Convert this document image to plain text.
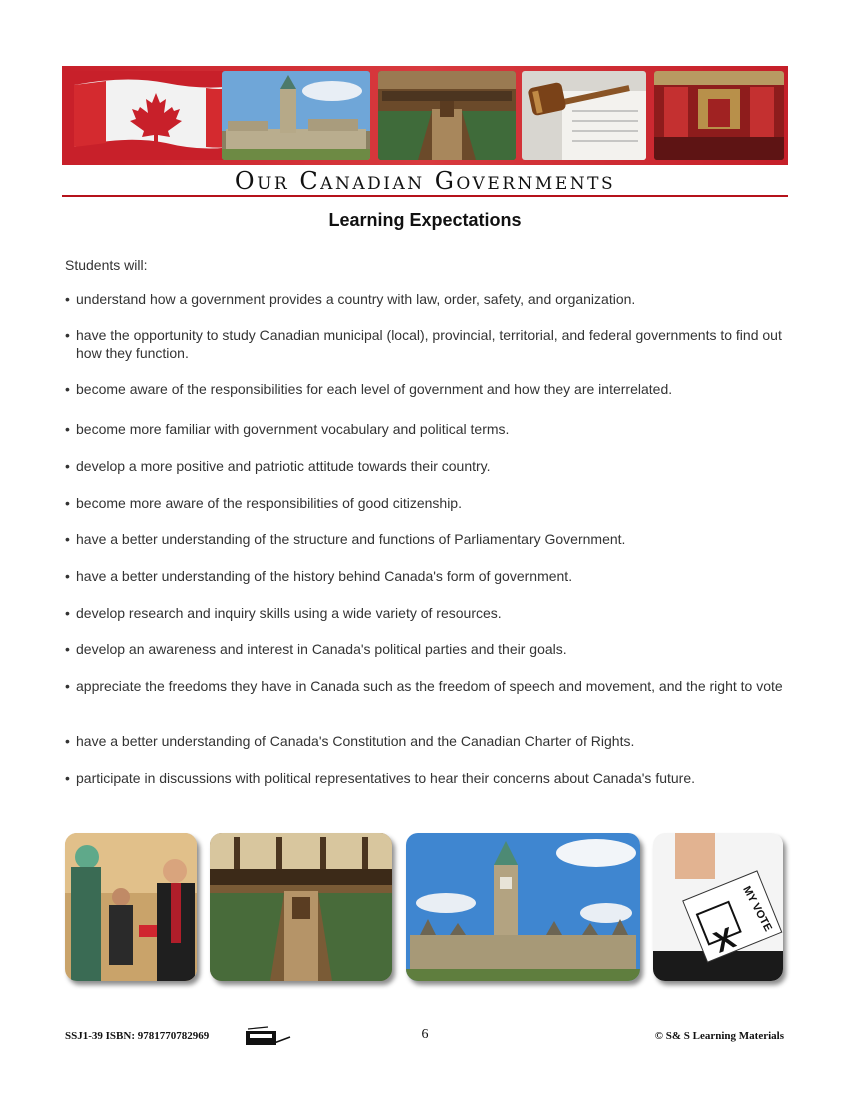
Our Canadian Governments
Learning Expectations
Students will:
• understand how a government provides a country with law, order, safety, and organization.
• have the opportunity to study Canadian municipal (local), provincial, territorial, and federal governments to find out how they function.
• become aware of the responsibilities for each level of government and how they are interrelated.
• become more familiar with government vocabulary and political terms.
• develop a more positive and patriotic attitude towards their country.
• become more aware of the responsibilities of good citizenship.
• have a better understanding of the structure and functions of Parliamentary Government.
• have a better understanding of the history behind Canada's form of government.
• develop research and inquiry skills using a wide variety of resources.
• develop an awareness and interest in Canada's political parties and their goals.
• appreciate the freedoms they have in Canada such as the freedom of speech and movement, and the right to vote
• have a better understanding of Canada's Constitution and the Canadian Charter of Rights.
• participate in discussions with political representatives to hear their concerns about Canada's future.
X
MY VOTE
SSJ1-39 ISBN: 9781770782969	6	© S& S Learning Materials
